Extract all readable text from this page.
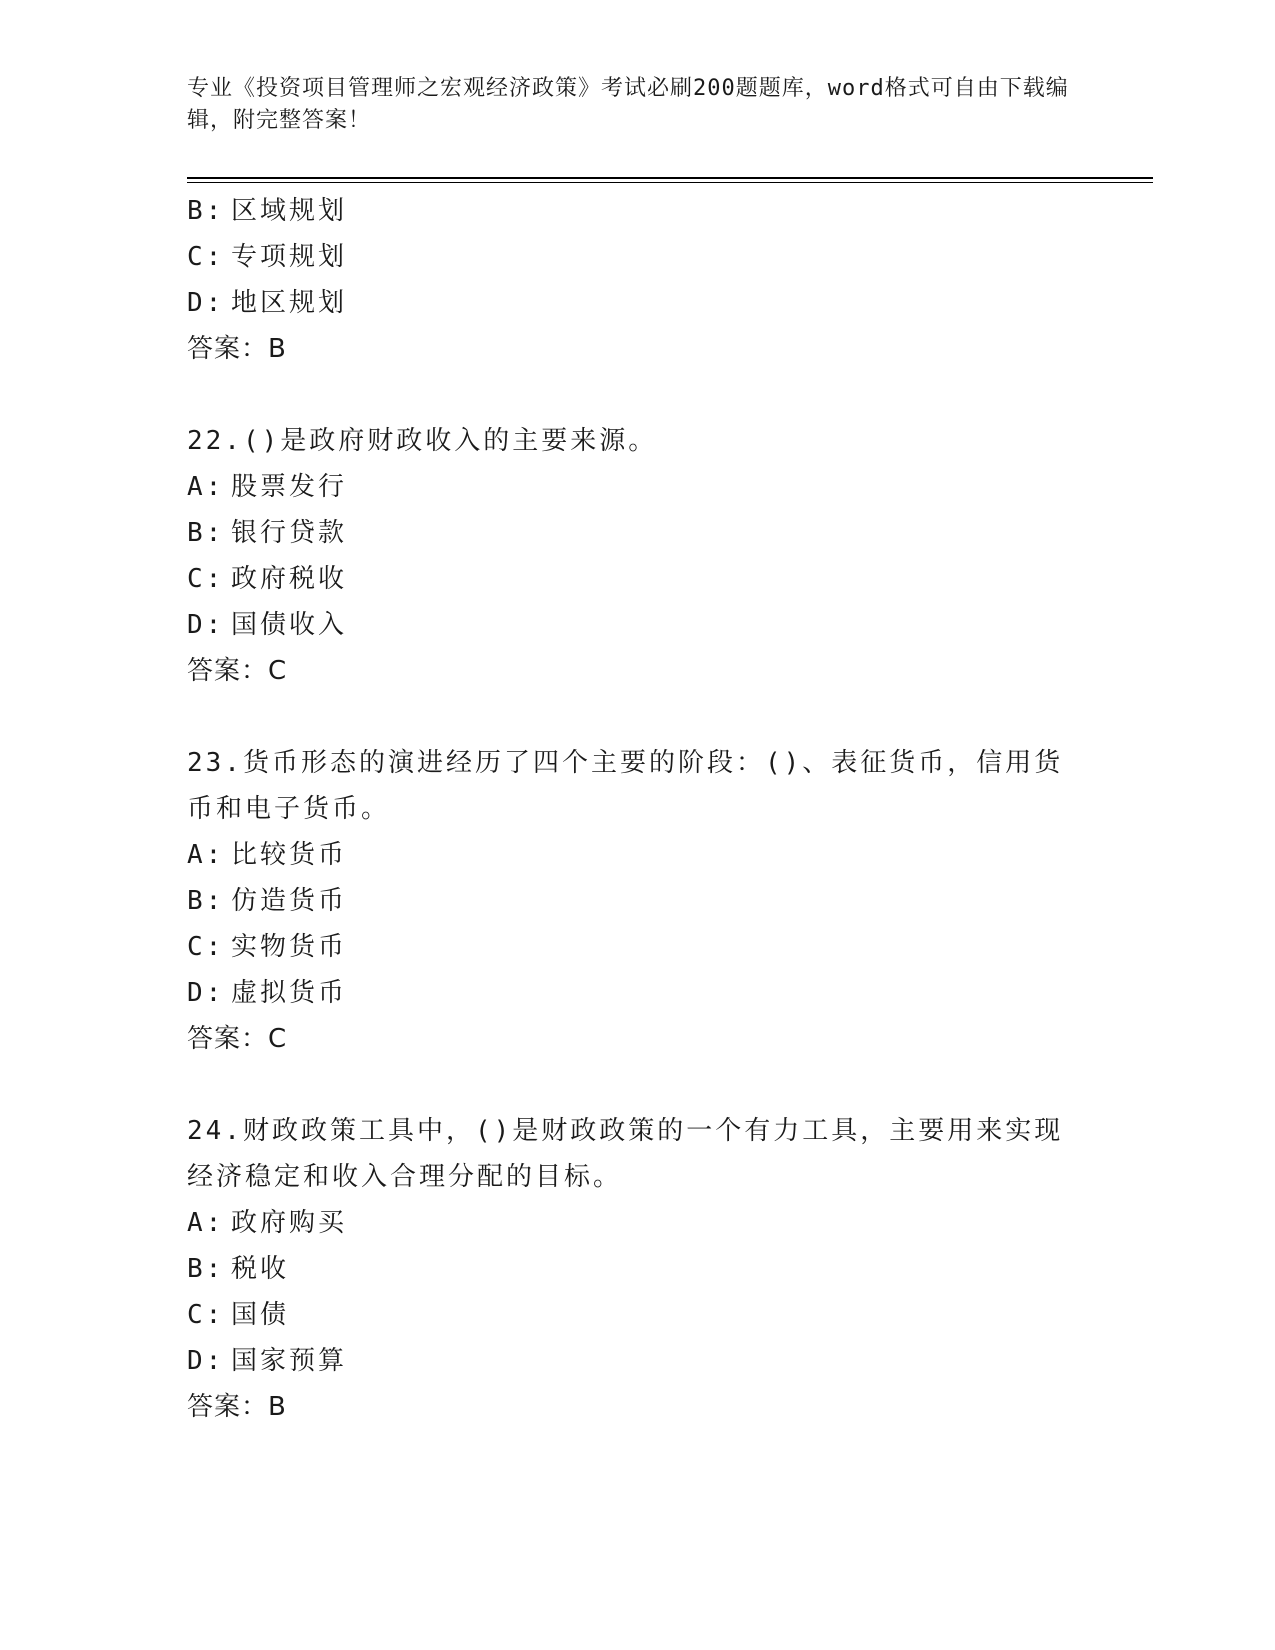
专业《投资项目管理师之宏观经济政策》考试必刷200题题库，word格式可自由下载编辑，附完整答案！
B: 区域规划
C: 专项规划
D: 地区规划
答案：B
22.()是政府财政收入的主要来源。
A: 股票发行
B: 银行贷款
C: 政府税收
D: 国债收入
答案：C
23.货币形态的演进经历了四个主要的阶段：()、表征货币，信用货币和电子货币。
A: 比较货币
B: 仿造货币
C: 实物货币
D: 虚拟货币
答案：C
24.财政政策工具中，()是财政政策的一个有力工具，主要用来实现经济稳定和收入合理分配的目标。
A: 政府购买
B: 税收
C: 国债
D: 国家预算
答案：B
